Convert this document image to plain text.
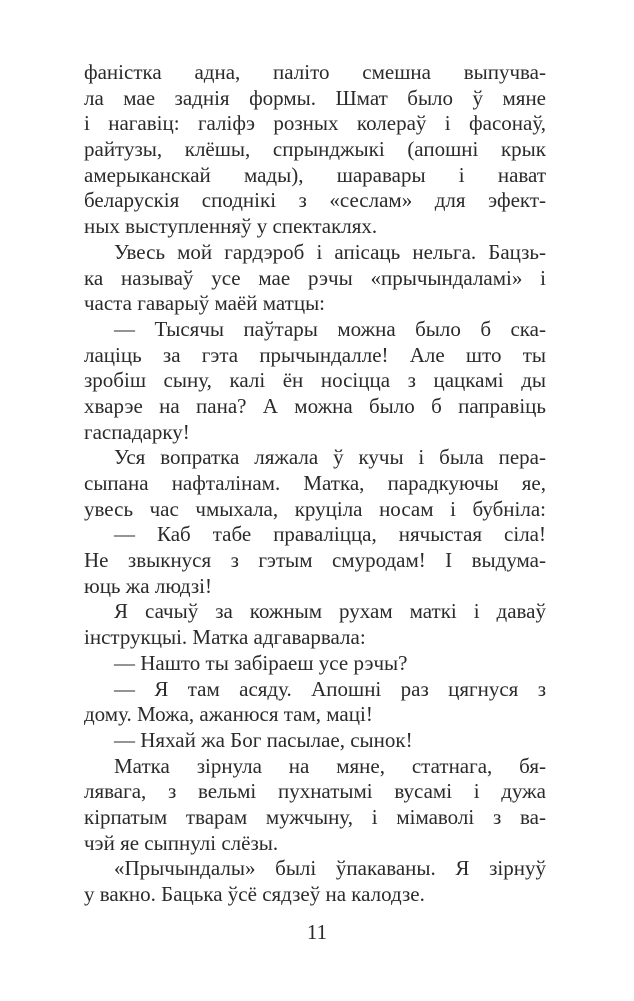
фаністка адна, паліто смешна выпучва-
ла мае заднія формы. Шмат было ў мяне
і нагавіц: галіфэ розных колераў і фасонаў,
райтузы, клёшы, спрынджыкі (апошні крык
амерыканскай мады), шаравары і нават
беларускія споднікі з «сеслам» для эфект-
ных выступленняў у спектаклях.
Увесь мой гардэроб і апісаць нельга. Бацзь-
ка называў усе мае рэчы «прычындаламі» і
часта гаварыў маёй матцы:
— Тысячы паўтары можна было б ска-
лаціць за гэта прычындалле! Але што ты
зробіш сыну, калі ён носіцца з цацкамі ды
хварэе на пана? А можна было б паправіць
гаспадарку!
Уся вопратка ляжала ў кучы і была пера-
сыпана нафталінам. Матка, парадкуючы яе,
увесь час чмыхала, круціла носам і бубніла:
— Каб табе праваліцца, нячыстая сіла!
Не звыкнуся з гэтым смуродам! І выдума-
юць жа людзі!
Я сачыў за кожным рухам маткі і даваў
інструкцыі. Матка адгаварвала:
— Нашто ты забіраеш усе рэчы?
— Я там асяду. Апошні раз цягнуся з
дому. Можа, ажанюся там, маці!
— Няхай жа Бог пасылае, сынок!
Матка зірнула на мяне, статнага, бя-
лявага, з вельмі пухнатымі вусамі і дужа
кірпатым тварам мужчыну, і мімаволі з ва-
чэй яе сыпнулі слёзы.
«Прычындалы» былі ўпакаваны. Я зірнуў
у вакно. Бацька ўсё сядзеў на калодзе.
11
